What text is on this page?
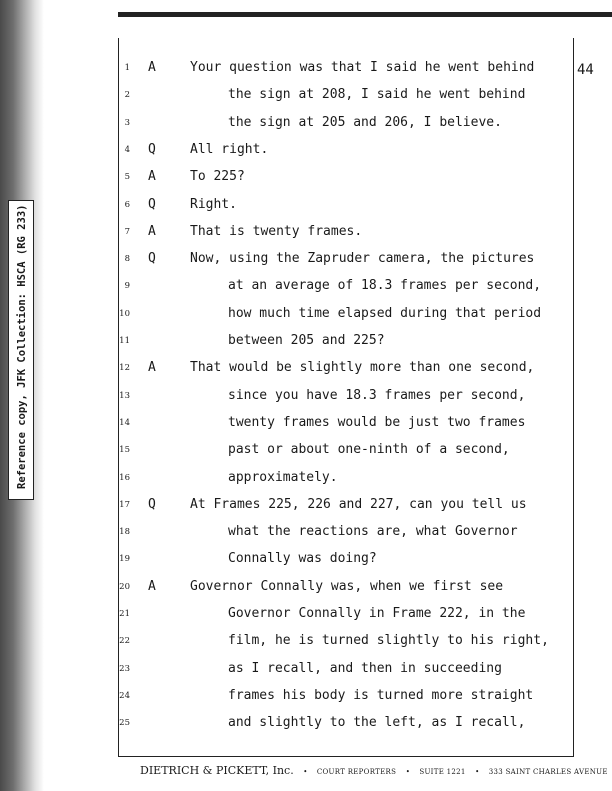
Reference copy, JFK Collection: HSCA (RG 233)
44
1 A	Your question was that I said he went behind
2	the sign at 208, I said he went behind
3	the sign at 205 and 206, I believe.
4 Q	All right.
5 A	To 225?
6 Q	Right.
7 A	That is twenty frames.
8 Q	Now, using the Zapruder camera, the pictures
9	at an average of 18.3 frames per second,
10	how much time elapsed during that period
11	between 205 and 225?
12 A	That would be slightly more than one second,
13	since you have 18.3 frames per second,
14	twenty frames would be just two frames
15	past or about one-ninth of a second,
16	approximately.
17 Q	At Frames 225, 226 and 227, can you tell us
18	what the reactions are, what Governor
19	Connally was doing?
20 A	Governor Connally was, when we first see
21	Governor Connally in Frame 222, in the
22	film, he is turned slightly to his right,
23	as I recall, and then in succeeding
24	frames his body is turned more straight
25	and slightly to the left, as I recall,
DIETRICH & PICKETT, Inc. • COURT REPORTERS • SUITE 1221 • 333 SAINT CHARLES AVENUE
